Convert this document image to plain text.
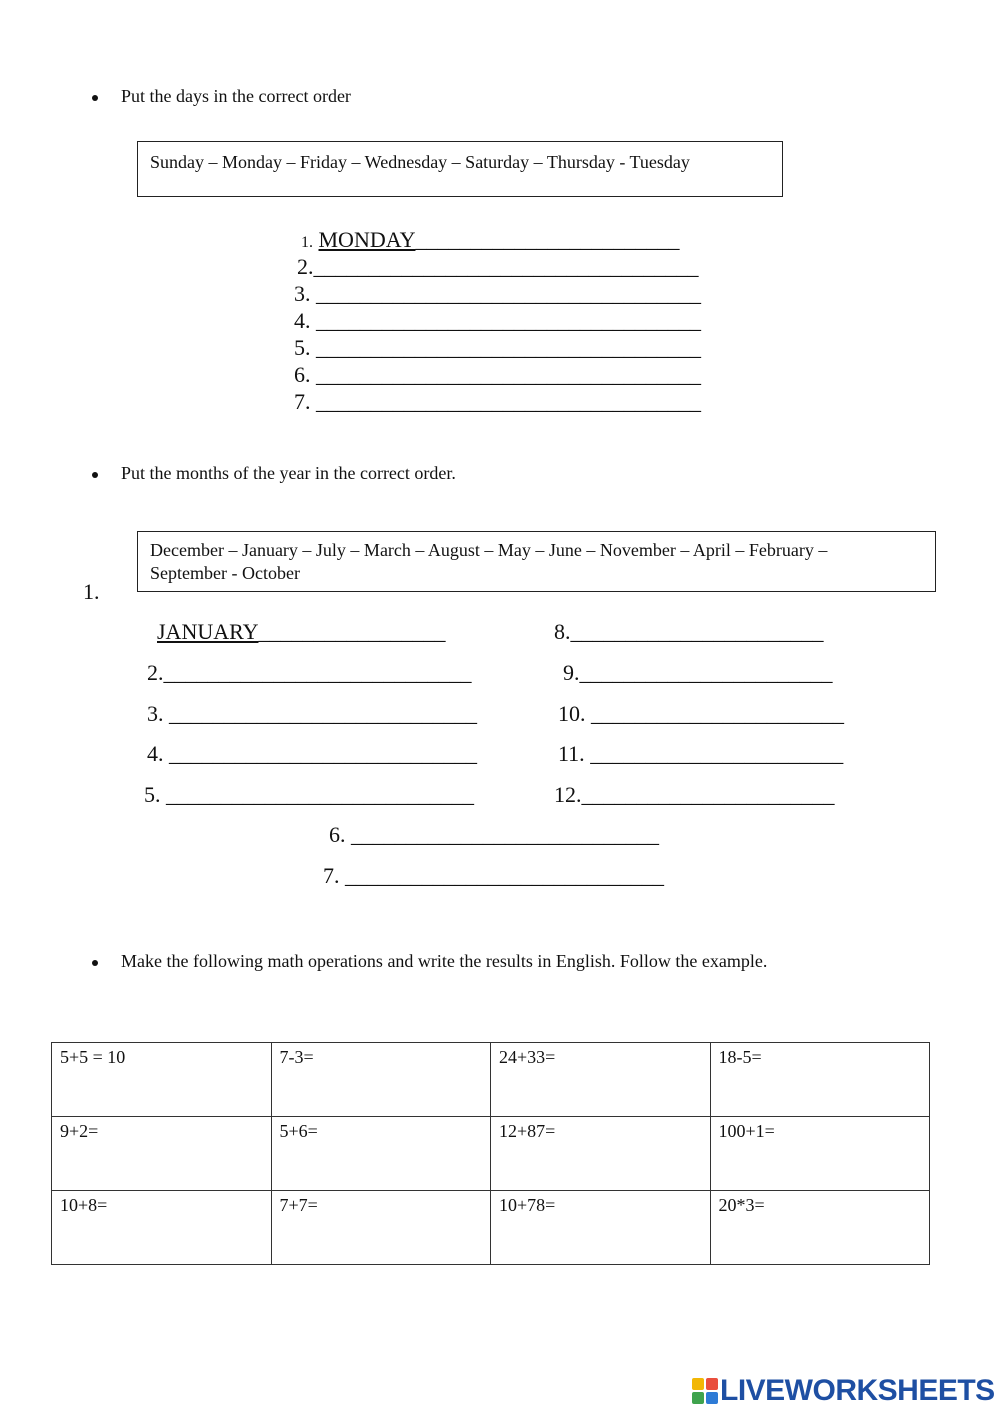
Put the days in the correct order
Sunday – Monday – Friday – Wednesday – Saturday – Thursday - Tuesday
1. MONDAY________________________
2.___________________________________
3. ___________________________________
4. ___________________________________
5. ___________________________________
6. ___________________________________
7. ___________________________________
Put the months of the year in the correct order.
December – January – July – March – August – May – June – November – April – February –
September - October
1.
JANUARY_________________
2.____________________________
3. ____________________________
4. ____________________________
5. ____________________________
8._______________________
9._______________________
10. _______________________
11. _______________________
12._______________________
6. ____________________________
7. _____________________________
Make the following math operations and write the results in English. Follow the example.
5+5 = 10	7-3=	24+33=	18-5=
9+2=	5+6=	12+87=	100+1=
10+8=	7+7=	10+78=	20*3=
LIVEWORKSHEETS
